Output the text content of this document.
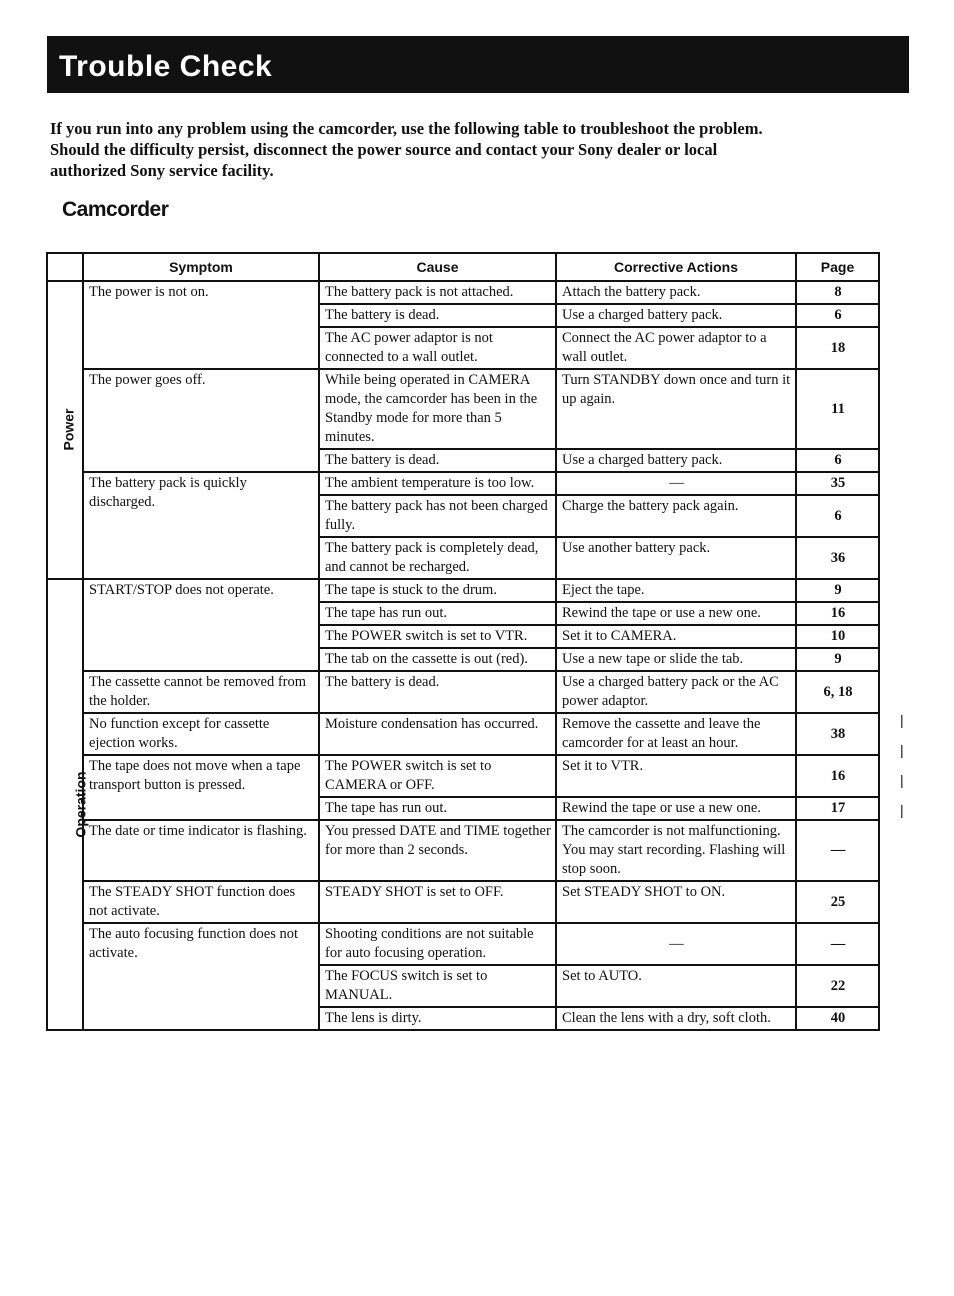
Trouble Check
If you run into any problem using the camcorder, use the following table to troubleshoot the problem.
Should the difficulty persist, disconnect the power source and contact your Sony dealer or local
authorized Sony service facility.
Camcorder
	Symptom	Cause	Corrective Actions	Page
Power	The power is not on.	The battery pack is not attached.	Attach the battery pack.	8
		The battery is dead.	Use a charged battery pack.	6
		The AC power adaptor is not connected to a wall outlet.	Connect the AC power adaptor to a wall outlet.	18
	The power goes off.	While being operated in CAMERA mode, the camcorder has been in the Standby mode for more than 5 minutes.	Turn STANDBY down once and turn it up again.	11
		The battery is dead.	Use a charged battery pack.	6
	The battery pack is quickly discharged.	The ambient temperature is too low.	—	35
		The battery pack has not been charged fully.	Charge the battery pack again.	6
		The battery pack is completely dead, and cannot be recharged.	Use another battery pack.	36
Operation	START/STOP does not operate.	The tape is stuck to the drum.	Eject the tape.	9
		The tape has run out.	Rewind the tape or use a new one.	16
		The POWER switch is set to VTR.	Set it to CAMERA.	10
		The tab on the cassette is out (red).	Use a new tape or slide the tab.	9
	The cassette cannot be removed from the holder.	The battery is dead.	Use a charged battery pack or the AC power adaptor.	6, 18
	No function except for cassette ejection works.	Moisture condensation has occurred.	Remove the cassette and leave the camcorder for at least an hour.	38
	The tape does not move when a tape transport button is pressed.	The POWER switch is set to CAMERA or OFF.	Set it to VTR.	16
		The tape has run out.	Rewind the tape or use a new one.	17
	The date or time indicator is flashing.	You pressed DATE and TIME together for more than 2 seconds.	The camcorder is not malfunctioning. You may start recording. Flashing will stop soon.	—
	The STEADY SHOT function does not activate.	STEADY SHOT is set to OFF.	Set STEADY SHOT to ON.	25
	The auto focusing function does not activate.	Shooting conditions are not suitable for auto focusing operation.	—	—
		The FOCUS switch is set to MANUAL.	Set to AUTO.	22
		The lens is dirty.	Clean the lens with a dry, soft cloth.	40
|
|
|
|
